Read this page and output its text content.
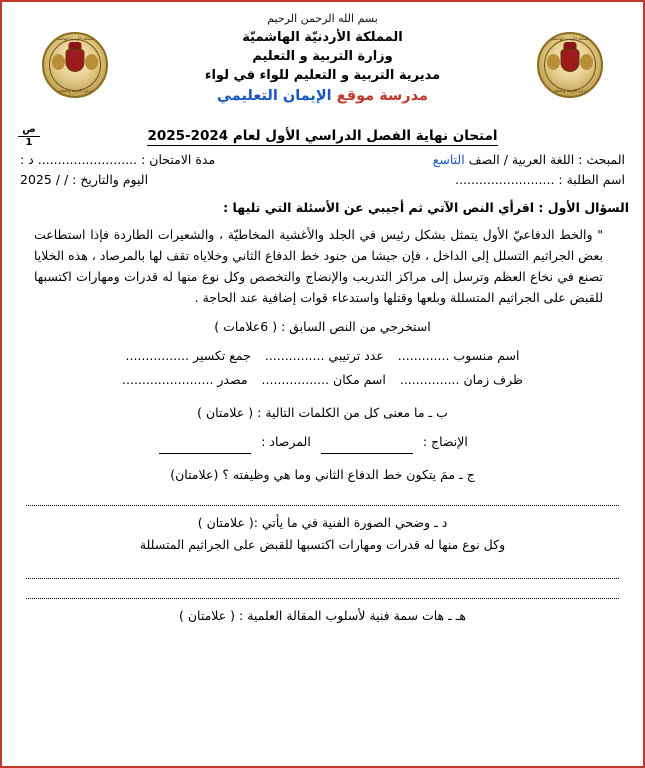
المملكة الأردنية الهاشمية
وزارة التربية والتعليم
المملكة الأردنية الهاشمية
وزارة التربية والتعليم
بسم الله الرحمن الرحيم
المملكة الأردنيّة الهاشميّة
وزارة التربية و التعليم
مديرية التربية و التعليم للواء في لواء
مدرسة موقع الإيمان التعليمي
امتحان نهاية الفصل الدراسي الأول لعام 2024-2025
ص
1
المبحث : اللغة العربية / الصف التاسع
مدة الامتحان : ......................... د :
اسم الطلبة : .........................
اليوم والتاريخ : / / 2025
السؤال الأول : اقرأي النص الآتي ثم أجيبي عن الأسئلة التي تليها :

" والخط الدفاعيّ الأول يتمثل بشكل رئيس في الجلد والأغشية المخاطيّة ، والشعيرات الطاردة فإذا استطاعت بعض الجراثيم التسلل إلى الداخل ، فإن جيشا من جنود خط الدفاع الثاني وخلاياه تقف لها بالمرصاد ، هذه الخلايا تصنع في نخاع العظم وترسل إلى مراكز التدريب والإنضاج والتخصص وكل نوع منها له قدرات ومهارات اكتسبها للقبض على الجراثيم المتسللة وبلعها وقتلها واستدعاء قوات إضافية عند الحاجة .

استخرجي من النص السابق : ( 6علامات )
اسم منسوب .............
عدد ترتيبي ...............
جمع تكسير ................
ظرف زمان ...............
اسم مكان .................
مصدر .......................
ب ـ ما معنى كل من الكلمات التالية : ( علامتان )
الإنضاج :
المرصاد :
ج ـ ممَ يتكون خط الدفاع الثاني وما هي وظيفته ؟ (علامتان)
د ـ وضحي الصورة الفنية في ما يأتي :( علامتان )
وكل نوع منها له قدرات ومهارات اكتسبها للقبض على الجراثيم المتسللة
هـ ـ هات سمة فنية لأسلوب المقالة العلمية : ( علامتان )
